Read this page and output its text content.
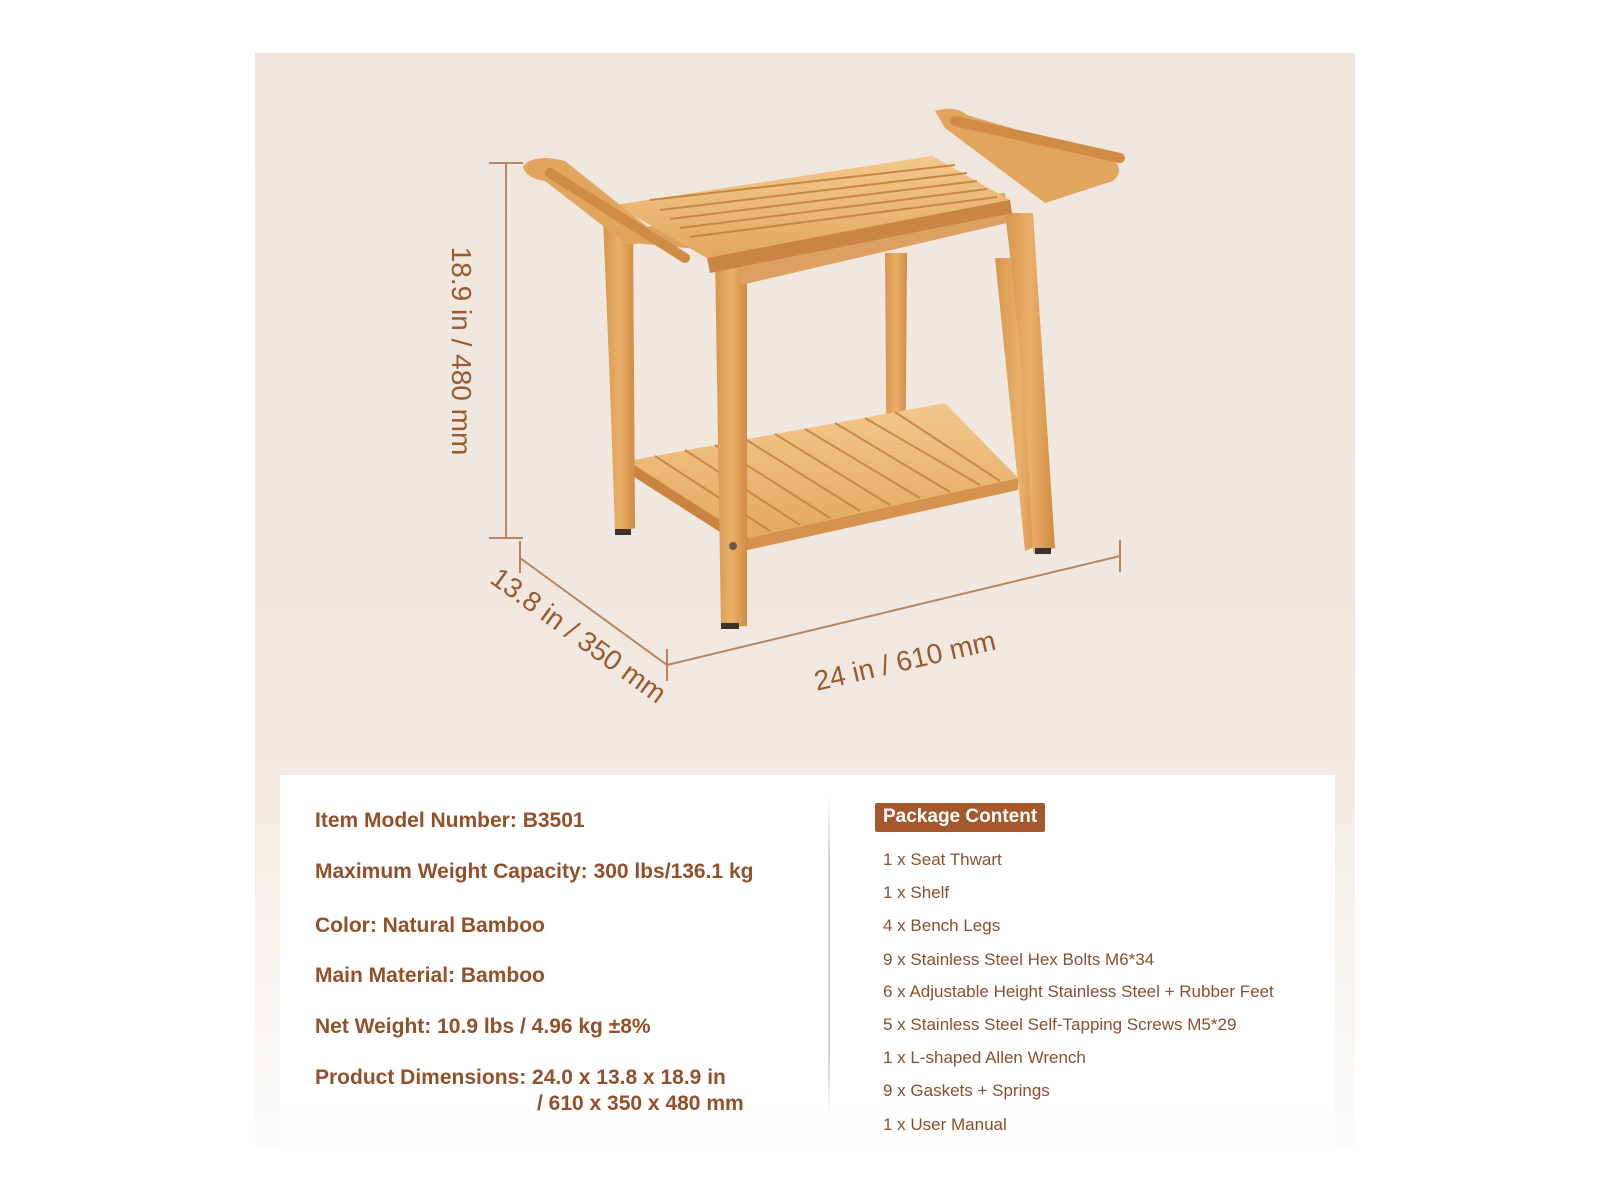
18.9 in / 480 mm
13.8 in / 350 mm	24 in / 610 mm
Item Model Number: B3501
Maximum Weight Capacity: 300 lbs/136.1 kg
Color: Natural Bamboo
Main Material: Bamboo
Net Weight: 10.9 lbs / 4.96 kg ±8%
Product Dimensions: 24.0 x 13.8 x 18.9 in
/ 610 x 350 x 480 mm
Package Content
1 x Seat Thwart
1 x Shelf
4 x Bench Legs
9 x Stainless Steel Hex Bolts M6*34
6 x Adjustable Height Stainless Steel + Rubber Feet
5 x Stainless Steel Self-Tapping Screws M5*29
1 x L-shaped Allen Wrench
9 x Gaskets + Springs
1 x User Manual
